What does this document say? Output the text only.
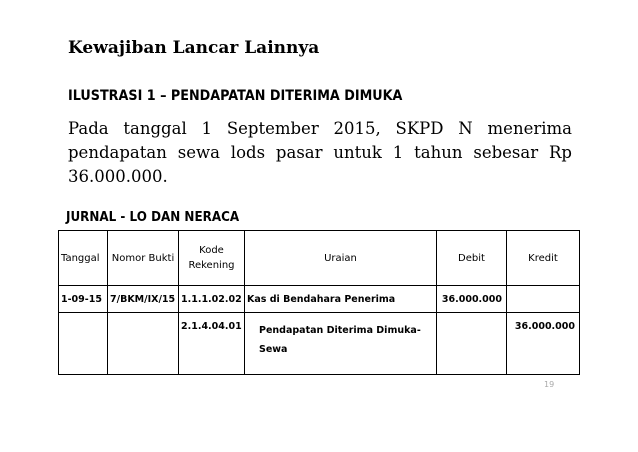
Kewajiban Lancar Lainnya
ILUSTRASI 1 – PENDAPATAN DITERIMA DIMUKA
Pada tanggal 1 September 2015, SKPD N menerima pendapatan sewa lods pasar untuk 1 tahun sebesar Rp 36.000.000.
JURNAL - LO DAN NERACA
Tanggal	Nomor Bukti	Kode Rekening	Uraian	Debit	Kredit
1-09-15	7/BKM/IX/15	1.1.1.02.02	Kas di Bendahara Penerima	36.000.000	
		2.1.4.04.01	Pendapatan Diterima Dimuka-Sewa		36.000.000
19
